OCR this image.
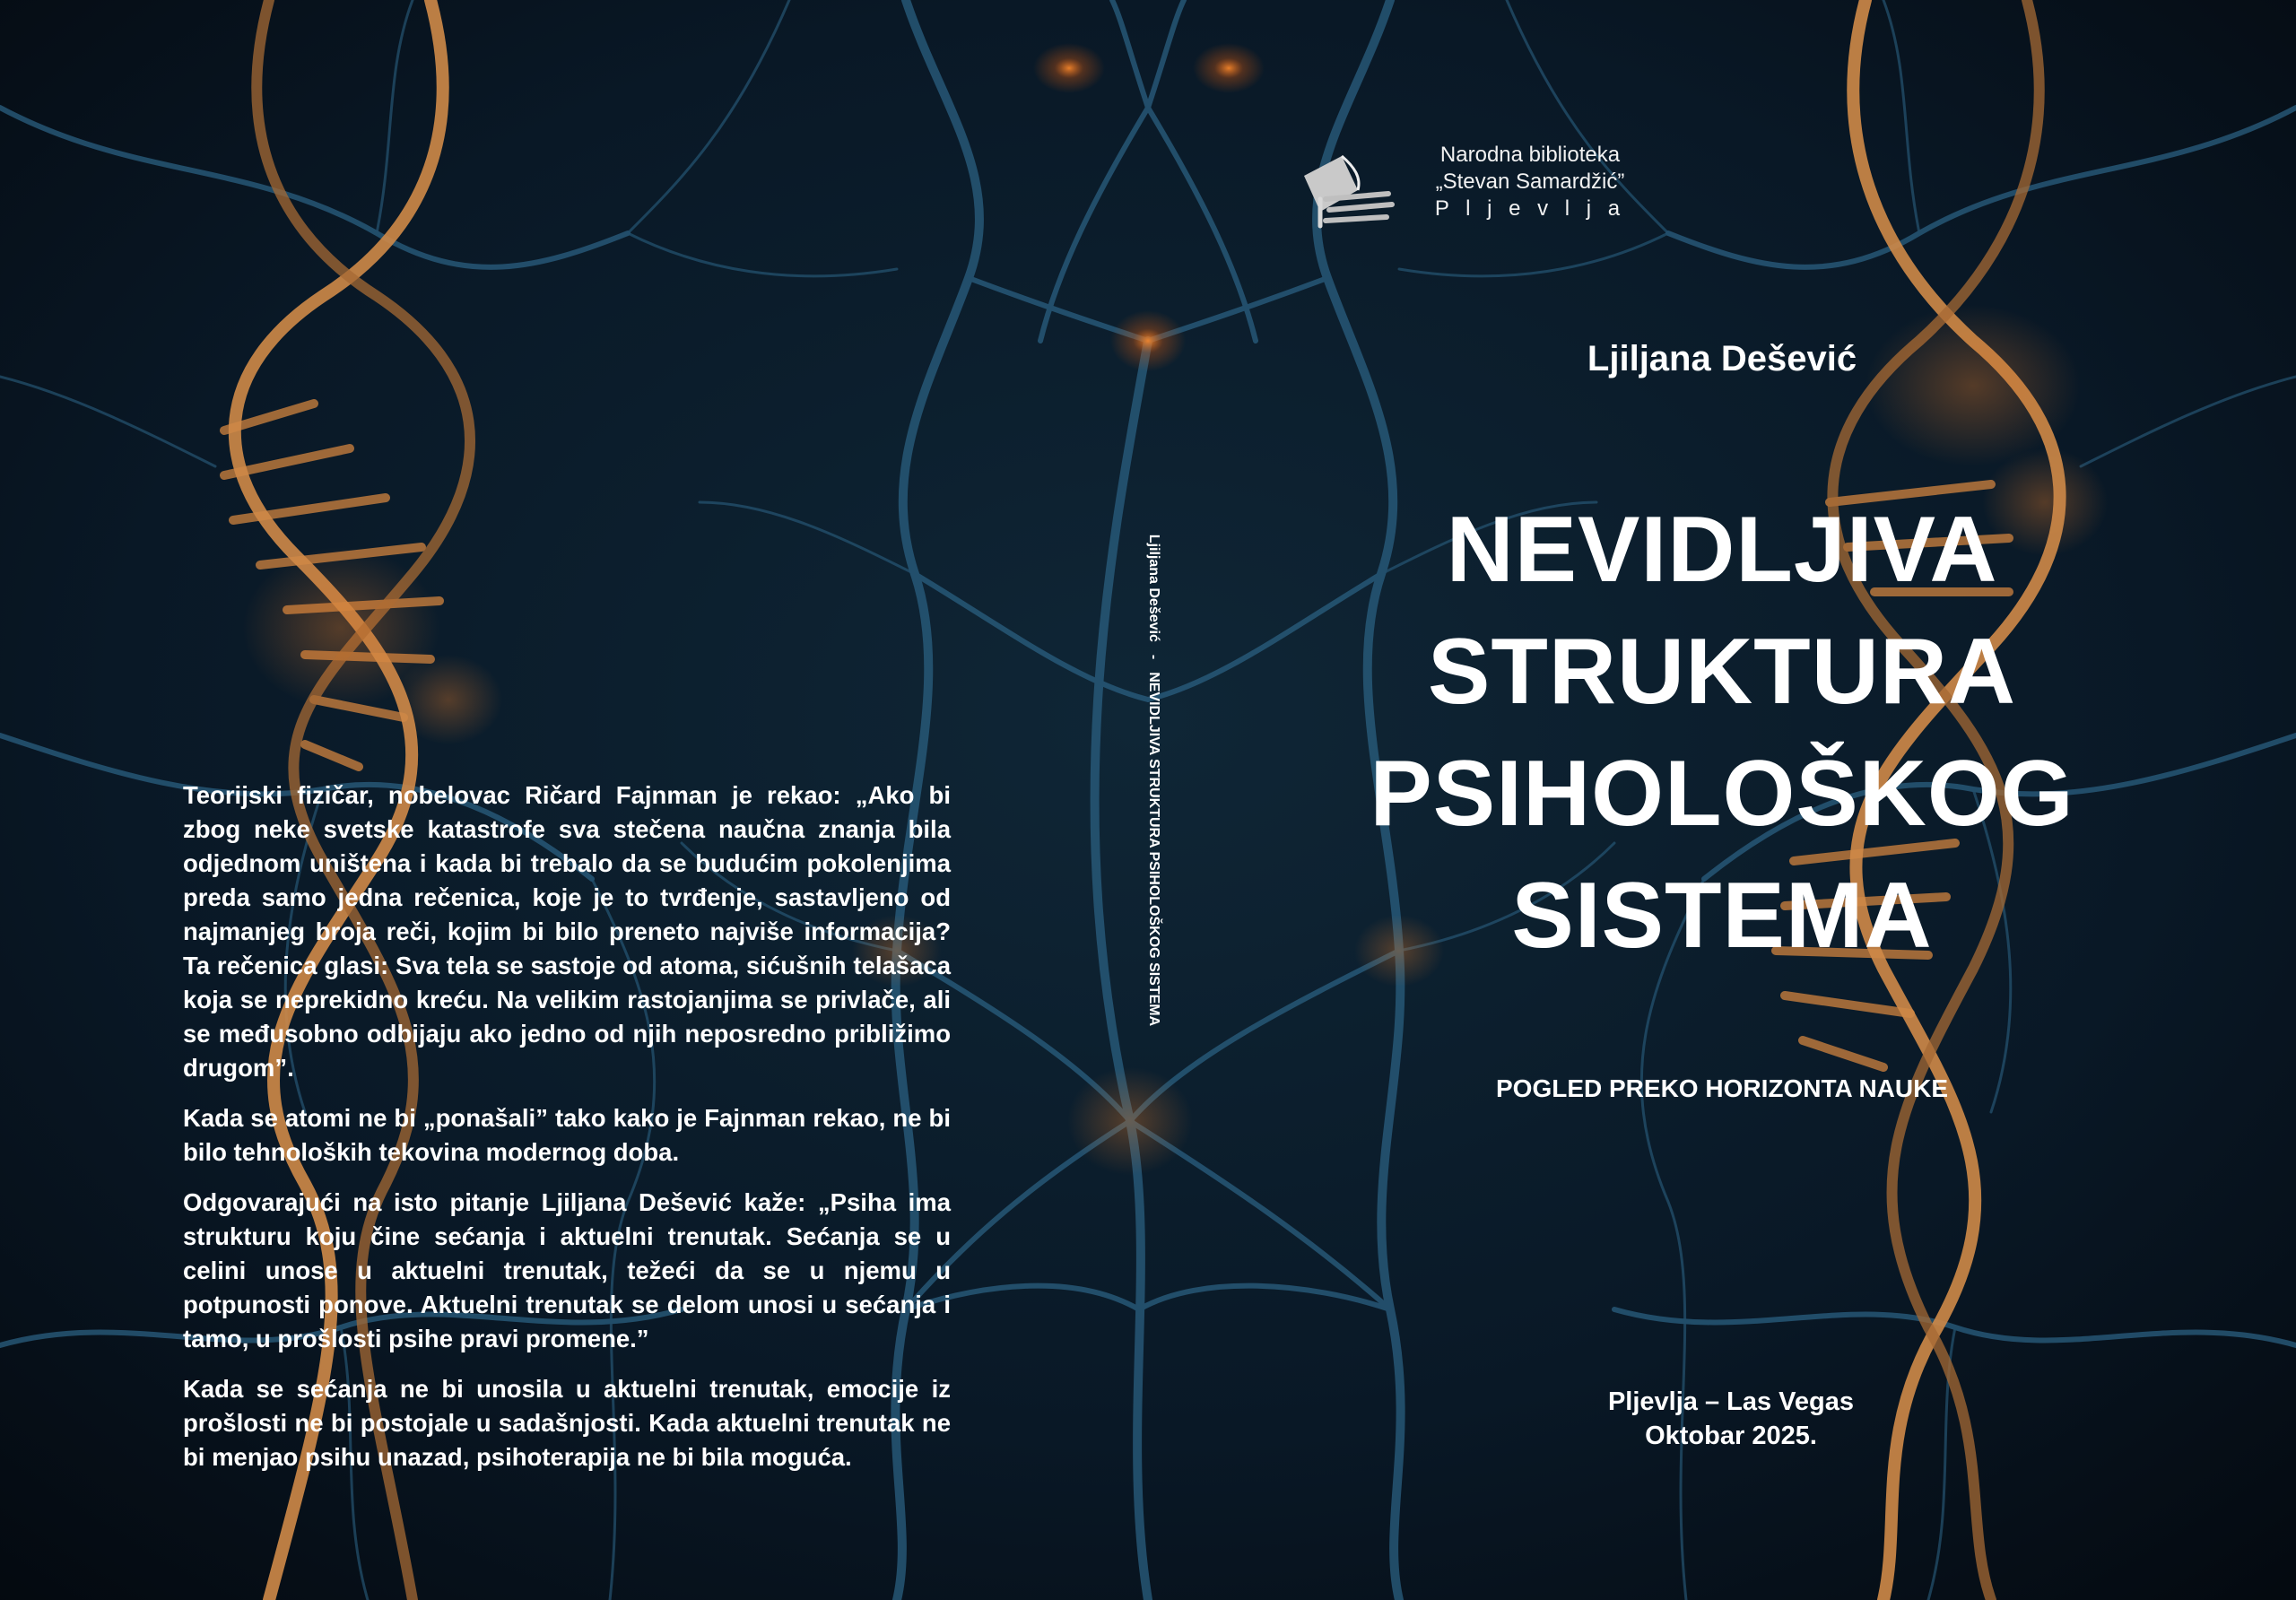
Narodna biblioteka
„Stevan Samardžić”
P l j e v l j a
Ljiljana Dešević
NEVIDLJIVA
STRUKTURA
PSIHOLOŠKOG
SISTEMA
POGLED PREKO HORIZONTA NAUKE
Pljevlja – Las Vegas
Oktobar 2025.
Ljiljana Dešević-NEVIDLJIVA STRUKTURA PSIHOLOŠKOG SISTEMA

Teorijski fizičar, nobelovac Ričard Fajnman je rekao: „Ako bi zbog neke svetske katastrofe sva stečena naučna znanja bila odjednom uništena i kada bi trebalo da se budućim pokolenjima preda samo jedna rečenica, koje je to tvrđenje, sastavljeno od najmanjeg broja reči, kojim bi bilo preneto najviše informacija? Ta rečenica glasi: Sva tela se sastoje od atoma, sićušnih telašaca koja se neprekidno kreću. Na velikim rastojanjima se privlače, ali se međusobno odbijaju ako jedno od njih neposredno približimo drugom”.

Kada se atomi ne bi „ponašali” tako kako je Fajnman rekao, ne bi bilo tehnoloških tekovina modernog doba.

Odgovarajući na isto pitanje Ljiljana Dešević kaže: „Psiha ima strukturu koju čine sećanja i aktuelni trenutak. Sećanja se u celini unose u aktuelni trenutak, težeći da se u njemu u potpunosti ponove. Aktuelni trenutak se delom unosi u sećanja i tamo, u prošlosti psihe pravi promene.”

Kada se sećanja ne bi unosila u aktuelni trenutak, emocije iz prošlosti ne bi postojale u sadašnjosti. Kada aktuelni trenutak ne bi menjao psihu unazad, psihoterapija ne bi bila moguća.
